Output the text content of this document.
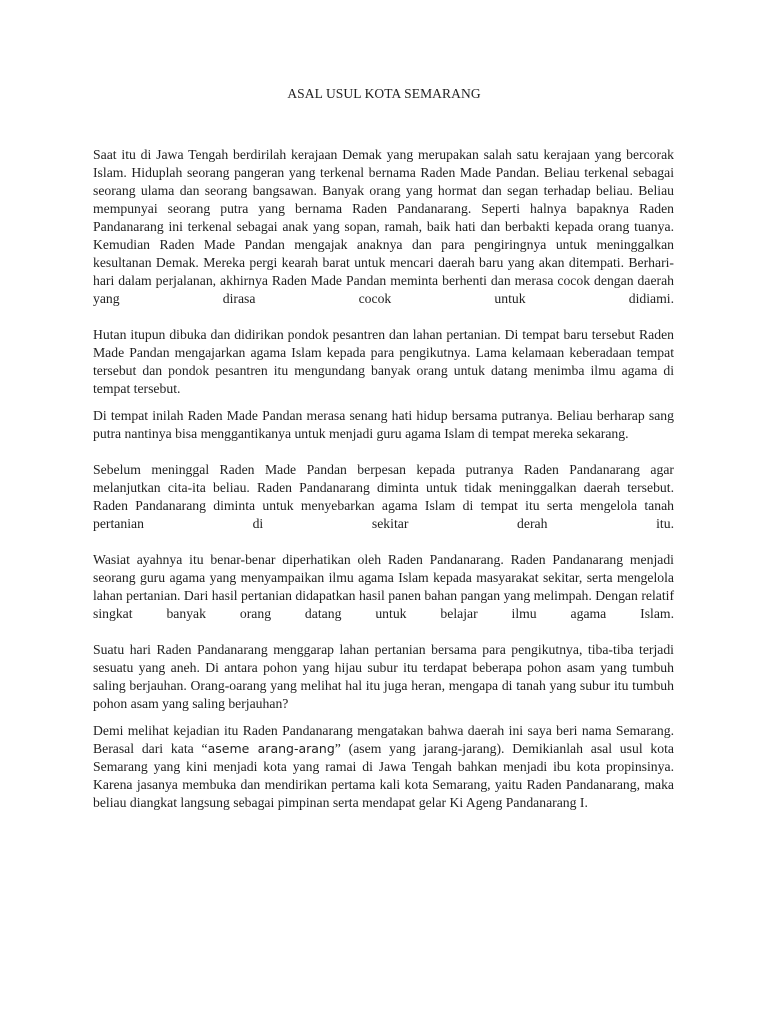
ASAL USUL KOTA SEMARANG

Saat itu di Jawa Tengah berdirilah kerajaan Demak yang merupakan salah satu kerajaan yang bercorak Islam. Hiduplah seorang pangeran yang terkenal bernama Raden Made Pandan. Beliau terkenal sebagai seorang ulama dan seorang bangsawan. Banyak orang yang hormat dan segan terhadap beliau. Beliau mempunyai seorang putra yang bernama Raden Pandanarang. Seperti halnya bapaknya Raden Pandanarang ini terkenal sebagai anak yang sopan, ramah, baik hati dan berbakti kepada orang tuanya. Kemudian Raden Made Pandan mengajak anaknya dan para pengiringnya untuk meninggalkan kesultanan Demak. Mereka pergi kearah barat untuk mencari daerah baru yang akan ditempati. Berhari-hari dalam perjalanan, akhirnya Raden Made Pandan meminta berhenti dan merasa cocok dengan daerah yang dirasa cocok untuk didiami.

Hutan itupun dibuka dan didirikan pondok pesantren dan lahan pertanian. Di tempat baru tersebut Raden Made Pandan mengajarkan agama Islam kepada para pengikutnya. Lama kelamaan keberadaan tempat tersebut dan pondok pesantren itu mengundang banyak orang untuk datang menimba ilmu agama di tempat tersebut.

Di tempat inilah Raden Made Pandan merasa senang hati hidup bersama putranya. Beliau berharap sang putra nantinya bisa menggantikanya untuk menjadi guru agama Islam di tempat mereka sekarang.

Sebelum meninggal Raden Made Pandan berpesan kepada putranya Raden Pandanarang agar melanjutkan cita-ita beliau. Raden Pandanarang diminta untuk tidak meninggalkan daerah tersebut. Raden Pandanarang diminta untuk menyebarkan agama Islam di tempat itu serta mengelola tanah pertanian di sekitar derah itu.

Wasiat ayahnya itu benar-benar diperhatikan oleh Raden Pandanarang. Raden Pandanarang menjadi seorang guru agama yang menyampaikan ilmu agama Islam kepada masyarakat sekitar, serta mengelola lahan pertanian. Dari hasil pertanian didapatkan hasil panen bahan pangan yang melimpah. Dengan relatif singkat banyak orang datang untuk belajar ilmu agama Islam.

Suatu hari Raden Pandanarang menggarap lahan pertanian bersama para pengikutnya, tiba-tiba terjadi sesuatu yang aneh. Di antara pohon yang hijau subur itu terdapat beberapa pohon asam yang tumbuh saling berjauhan. Orang-oarang yang melihat hal itu juga heran, mengapa di tanah yang subur itu tumbuh pohon asam yang saling berjauhan?

Demi melihat kejadian itu Raden Pandanarang mengatakan bahwa daerah ini saya beri nama Semarang. Berasal dari kata “aseme arang-arang” (asem yang jarang-jarang). Demikianlah asal usul kota Semarang yang kini menjadi kota yang ramai di Jawa Tengah bahkan menjadi ibu kota propinsinya. Karena jasanya membuka dan mendirikan pertama kali kota Semarang, yaitu Raden Pandanarang, maka beliau diangkat langsung sebagai pimpinan serta mendapat gelar Ki Ageng Pandanarang I.
